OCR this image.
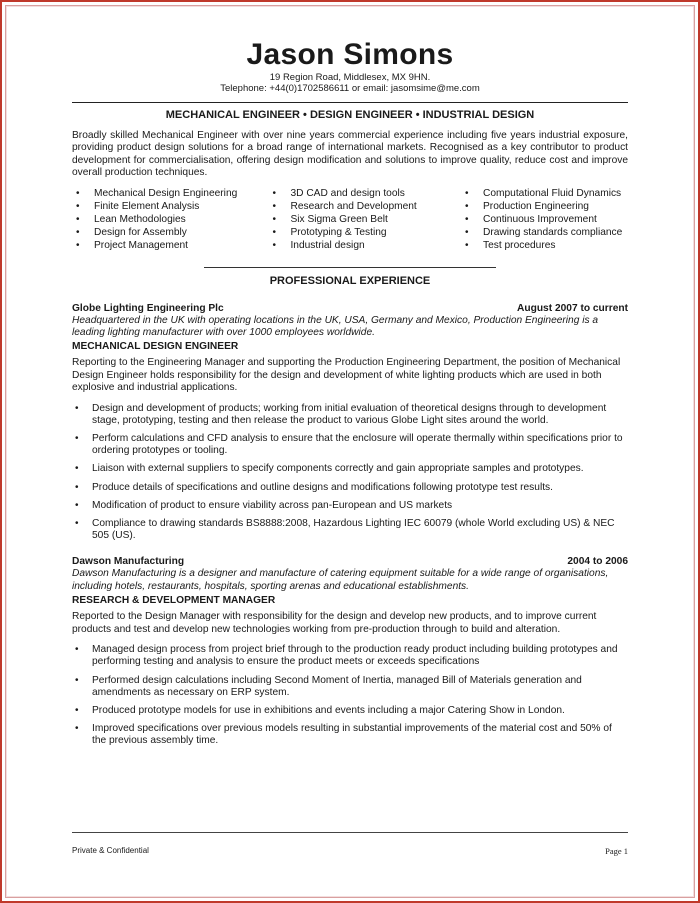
Jason Simons
19 Region Road, Middlesex, MX 9HN.
Telephone: +44(0)1702586611 or email: jasomsime@me.com
MECHANICAL ENGINEER • DESIGN ENGINEER • INDUSTRIAL DESIGN
Broadly skilled Mechanical Engineer with over nine years commercial experience including five years industrial exposure, providing product design solutions for a broad range of international markets. Recognised as a key contributor to product development for commercialisation, offering design modification and solutions to improve quality, reduce cost and improve overall production techniques.
• Mechanical Design Engineering
• Finite Element Analysis
• Lean Methodologies
• Design for Assembly
• Project Management
• 3D CAD and design tools
• Research and Development
• Six Sigma Green Belt
• Prototyping & Testing
• Industrial design
• Computational Fluid Dynamics
• Production Engineering
• Continuous Improvement
• Drawing standards compliance
• Test procedures
PROFESSIONAL EXPERIENCE
Globe Lighting Engineering Plc	August 2007 to current
Headquartered in the UK with operating locations in the UK, USA, Germany and Mexico, Production Engineering is a leading lighting manufacturer with over 1000 employees worldwide.
MECHANICAL DESIGN ENGINEER
Reporting to the Engineering Manager and supporting the Production Engineering Department, the position of Mechanical Design Engineer holds responsibility for the design and development of white lighting products which are used in both explosive and industrial applications.
• Design and development of products; working from initial evaluation of theoretical designs through to development stage, prototyping, testing and then release the product to various Globe Light sites around the world.
• Perform calculations and CFD analysis to ensure that the enclosure will operate thermally within specifications prior to ordering prototypes or tooling.
• Liaison with external suppliers to specify components correctly and gain appropriate samples and prototypes.
• Produce details of specifications and outline designs and modifications following prototype test results.
• Modification of product to ensure viability across pan-European and US markets
• Compliance to drawing standards BS8888:2008, Hazardous Lighting IEC 60079 (whole World excluding US) & NEC 505 (US).
Dawson Manufacturing	2004 to 2006
Dawson Manufacturing is a designer and manufacture of catering equipment suitable for a wide range of organisations, including hotels, restaurants, hospitals, sporting arenas and educational establishments.
RESEARCH & DEVELOPMENT MANAGER
Reported to the Design Manager with responsibility for the design and develop new products, and to improve current products and test and develop new technologies working from pre-production through to build and alteration.
• Managed design process from project brief through to the production ready product including building prototypes and performing testing and analysis to ensure the product meets or exceeds specifications
• Performed design calculations including Second Moment of Inertia, managed Bill of Materials generation and amendments as necessary on ERP system.
• Produced prototype models for use in exhibitions and events including a major Catering Show in London.
• Improved specifications over previous models resulting in substantial improvements of the material cost and 50% of the previous assembly time.
Private & Confidential	Page 1
